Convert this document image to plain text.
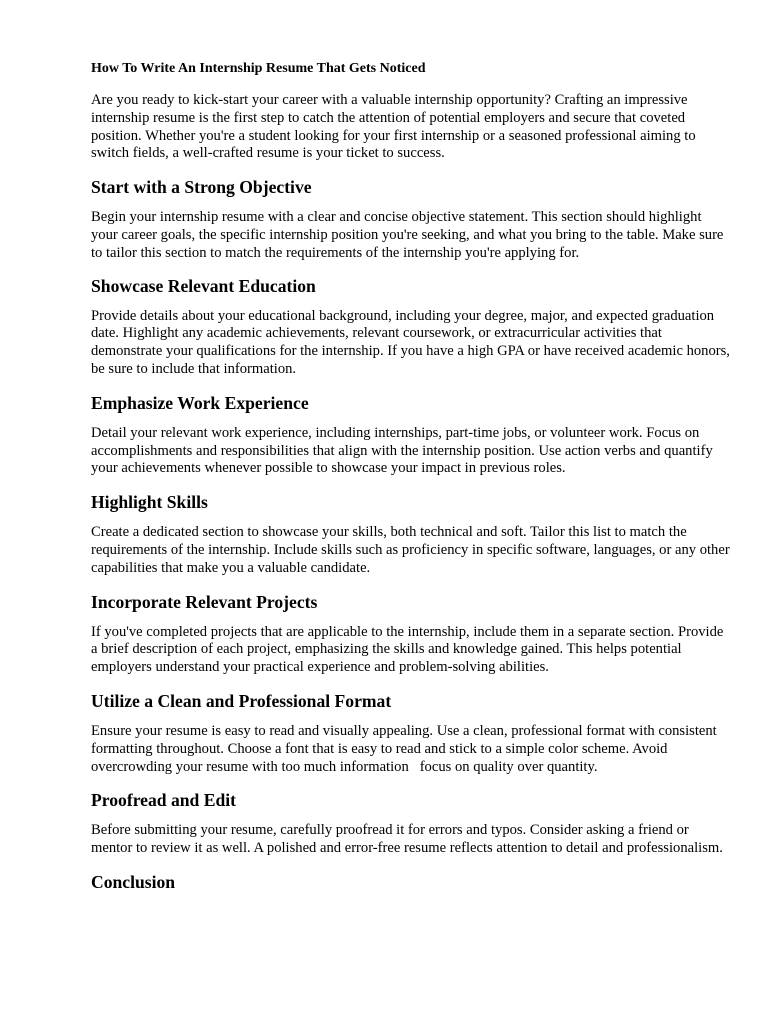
How To Write An Internship Resume That Gets Noticed

Are you ready to kick-start your career with a valuable internship opportunity? Crafting an impressive internship resume is the first step to catch the attention of potential employers and secure that coveted position. Whether you're a student looking for your first internship or a seasoned professional aiming to switch fields, a well-crafted resume is your ticket to success.

Start with a Strong Objective

Begin your internship resume with a clear and concise objective statement. This section should highlight your career goals, the specific internship position you're seeking, and what you bring to the table. Make sure to tailor this section to match the requirements of the internship you're applying for.

Showcase Relevant Education

Provide details about your educational background, including your degree, major, and expected graduation date. Highlight any academic achievements, relevant coursework, or extracurricular activities that demonstrate your qualifications for the internship. If you have a high GPA or have received academic honors, be sure to include that information.

Emphasize Work Experience

Detail your relevant work experience, including internships, part-time jobs, or volunteer work. Focus on accomplishments and responsibilities that align with the internship position. Use action verbs and quantify your achievements whenever possible to showcase your impact in previous roles.

Highlight Skills

Create a dedicated section to showcase your skills, both technical and soft. Tailor this list to match the requirements of the internship. Include skills such as proficiency in specific software, languages, or any other capabilities that make you a valuable candidate.

Incorporate Relevant Projects

If you've completed projects that are applicable to the internship, include them in a separate section. Provide a brief description of each project, emphasizing the skills and knowledge gained. This helps potential employers understand your practical experience and problem-solving abilities.

Utilize a Clean and Professional Format

Ensure your resume is easy to read and visually appealing. Use a clean, professional format with consistent formatting throughout. Choose a font that is easy to read and stick to a simple color scheme. Avoid overcrowding your resume with too much information   focus on quality over quantity.

Proofread and Edit

Before submitting your resume, carefully proofread it for errors and typos. Consider asking a friend or mentor to review it as well. A polished and error-free resume reflects attention to detail and professionalism.

Conclusion
